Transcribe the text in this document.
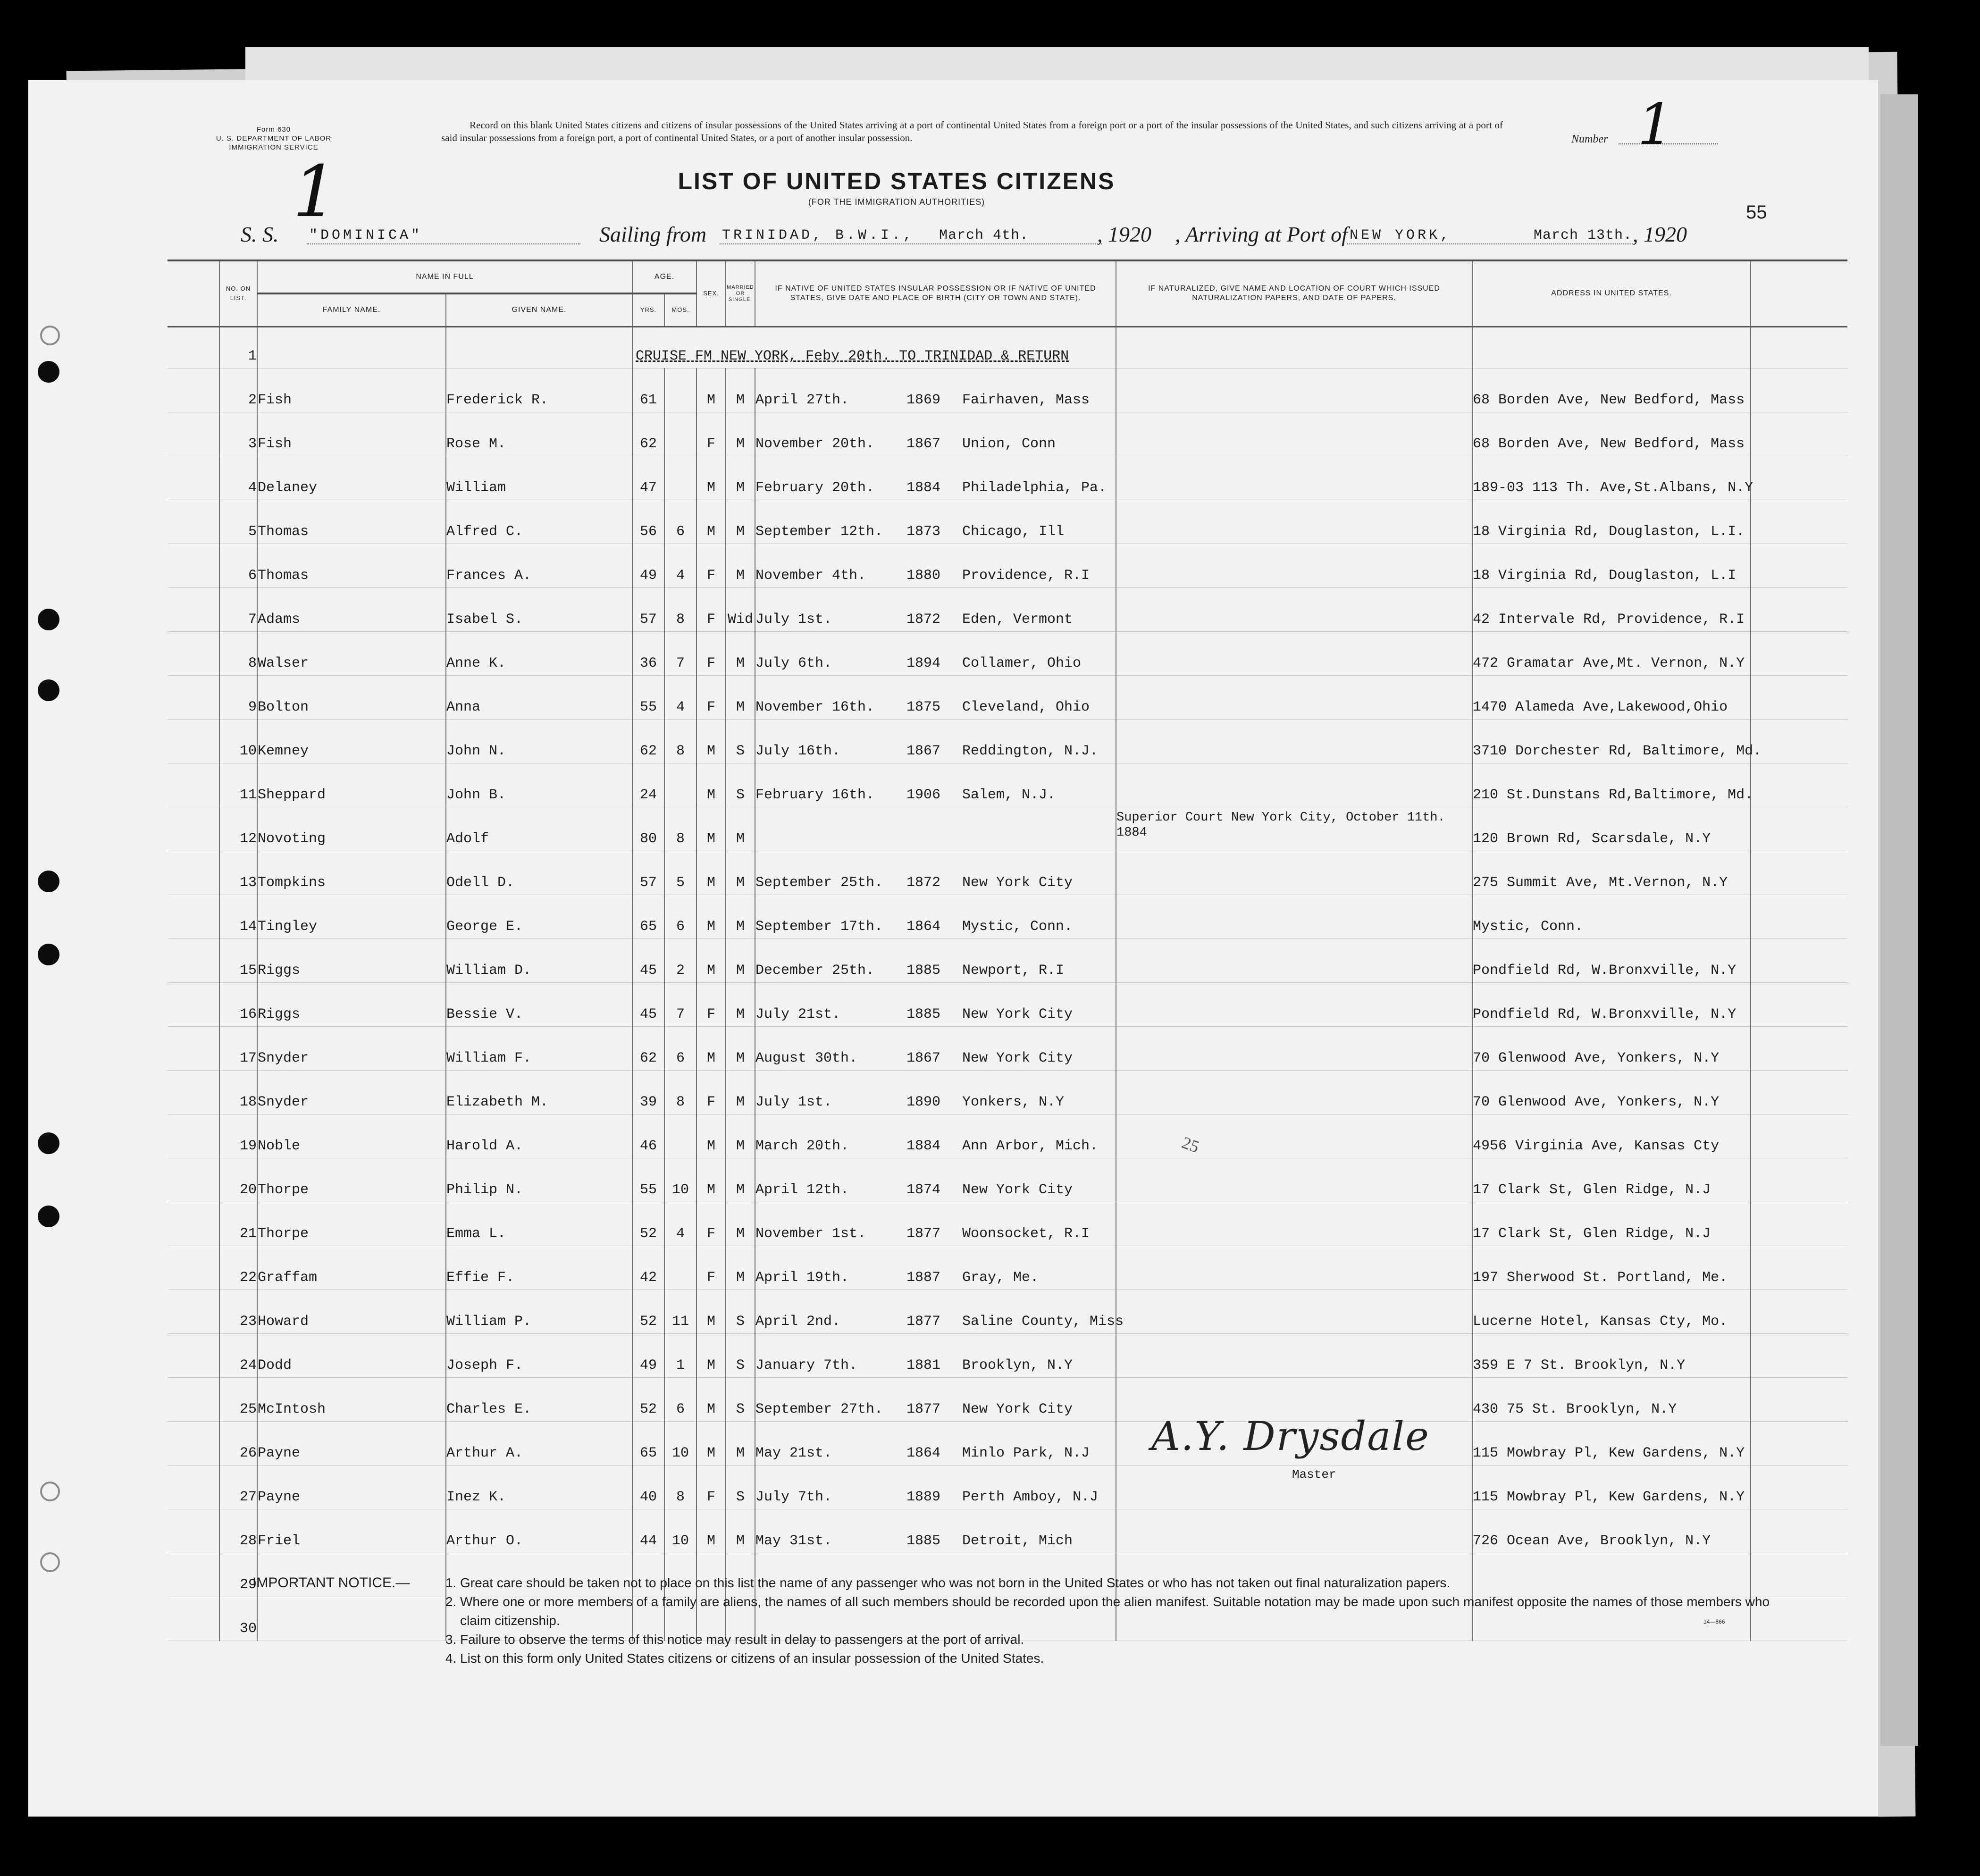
Form 630
U. S. DEPARTMENT OF LABOR
IMMIGRATION SERVICE
1
Record on this blank United States citizens and citizens of insular possessions of the United States arriving at a port of continental United States from a foreign port or a port of the insular possessions of the United States, and such citizens arriving at a port of said insular possessions from a foreign port, a port of continental United States, or a port of another insular possession.	Number 1
LIST OF UNITED STATES CITIZENS
(FOR THE IMMIGRATION AUTHORITIES)	55
S. S. "DOMINICA"	Sailing from TRINIDAD, B.W.I., March 4th.	, 1920 , Arriving at Port of NEW YORK,	March 13th. , 1920
	NO. ON LIST.	NAME IN FULL		AGE.		SEX.	MARRIED OR SINGLE.	IF NATIVE OF UNITED STATES INSULAR POSSESSION OR IF NATIVE OF UNITED STATES, GIVE DATE AND PLACE OF BIRTH (CITY OR TOWN AND STATE).	IF NATURALIZED, GIVE NAME AND LOCATION OF COURT WHICH ISSUED NATURALIZATION PAPERS, AND DATE OF PAPERS.	ADDRESS IN UNITED STATES.	
		FAMILY NAME.	GIVEN NAME.	YRS.	MOS.						
	1			CRUISE FM NEW YORK, Feby 20th. TO TRINIDAD & RETURN							
	2	Fish	Frederick R.	61		M	M	April 27th. 1869 Fairhaven, Mass		68 Borden Ave, New Bedford, Mass	
	3	Fish	Rose M.	62		F	M	November 20th. 1867 Union, Conn		68 Borden Ave, New Bedford, Mass	
	4	Delaney	William	47		M	M	February 20th. 1884 Philadelphia, Pa.		189-03 113 Th. Ave,St.Albans, N.Y	
	5	Thomas	Alfred C.	56	6	M	M	September 12th. 1873 Chicago, Ill		18 Virginia Rd, Douglaston, L.I.	
	6	Thomas	Frances A.	49	4	F	M	November 4th. 1880 Providence, R.I		18 Virginia Rd, Douglaston, L.I	
	7	Adams	Isabel S.	57	8	F	Wid	July 1st. 1872 Eden, Vermont		42 Intervale Rd, Providence, R.I	
	8	Walser	Anne K.	36	7	F	M	July 6th. 1894 Collamer, Ohio		472 Gramatar Ave,Mt. Vernon, N.Y	
	9	Bolton	Anna	55	4	F	M	November 16th. 1875 Cleveland, Ohio		1470 Alameda Ave,Lakewood,Ohio	
	10	Kemney	John N.	62	8	M	S	July 16th. 1867 Reddington, N.J.		3710 Dorchester Rd, Baltimore, Md.	
	11	Sheppard	John B.	24		M	S	February 16th. 1906 Salem, N.J.		210 St.Dunstans Rd,Baltimore, Md.	
	12	Novoting	Adolf	80	8	M	M		Superior Court New York City, October 11th. 1884	120 Brown Rd, Scarsdale, N.Y	
	13	Tompkins	Odell D.	57	5	M	M	September 25th. 1872 New York City		275 Summit Ave, Mt.Vernon, N.Y	
	14	Tingley	George E.	65	6	M	M	September 17th. 1864 Mystic, Conn.		Mystic, Conn.	
	15	Riggs	William D.	45	2	M	M	December 25th. 1885 Newport, R.I		Pondfield Rd, W.Bronxville, N.Y	
	16	Riggs	Bessie V.	45	7	F	M	July 21st. 1885 New York City		Pondfield Rd, W.Bronxville, N.Y	
	17	Snyder	William F.	62	6	M	M	August 30th. 1867 New York City		70 Glenwood Ave, Yonkers, N.Y	
	18	Snyder	Elizabeth M.	39	8	F	M	July 1st. 1890 Yonkers, N.Y		70 Glenwood Ave, Yonkers, N.Y	
	19	Noble	Harold A.	46		M	M	March 20th. 1884 Ann Arbor, Mich.		4956 Virginia Ave, Kansas Cty	
	20	Thorpe	Philip N.	55	10	M	M	April 12th. 1874 New York City		17 Clark St, Glen Ridge, N.J	
	21	Thorpe	Emma L.	52	4	F	M	November 1st. 1877 Woonsocket, R.I		17 Clark St, Glen Ridge, N.J	
	22	Graffam	Effie F.	42		F	M	April 19th. 1887 Gray, Me.		197 Sherwood St. Portland, Me.	
	23	Howard	William P.	52	11	M	S	April 2nd. 1877 Saline County, Miss		Lucerne Hotel, Kansas Cty, Mo.	
	24	Dodd	Joseph F.	49	1	M	S	January 7th. 1881 Brooklyn, N.Y		359 E 7 St. Brooklyn, N.Y	
	25	McIntosh	Charles E.	52	6	M	S	September 27th. 1877 New York City		430 75 St. Brooklyn, N.Y	
	26	Payne	Arthur A.	65	10	M	M	May 21st. 1864 Minlo Park, N.J		115 Mowbray Pl, Kew Gardens, N.Y	
	27	Payne	Inez K.	40	8	F	S	July 7th. 1889 Perth Amboy, N.J		115 Mowbray Pl, Kew Gardens, N.Y	
	28	Friel	Arthur O.	44	10	M	M	May 31st. 1885 Detroit, Mich		726 Ocean Ave, Brooklyn, N.Y	
	29										
	30										
25
A.Y. Drysdale
Master
IMPORTANT NOTICE.—	1. Great care should be taken not to place on this list the name of any passenger who was not born in the United States or who has not taken out final naturalization papers.
2. Where one or more members of a family are aliens, the names of all such members should be recorded upon the alien manifest. Suitable notation may be made upon such manifest opposite the names of those members who claim citizenship.
3. Failure to observe the terms of this notice may result in delay to passengers at the port of arrival.
4. List on this form only United States citizens or citizens of an insular possession of the United States.
14—866
